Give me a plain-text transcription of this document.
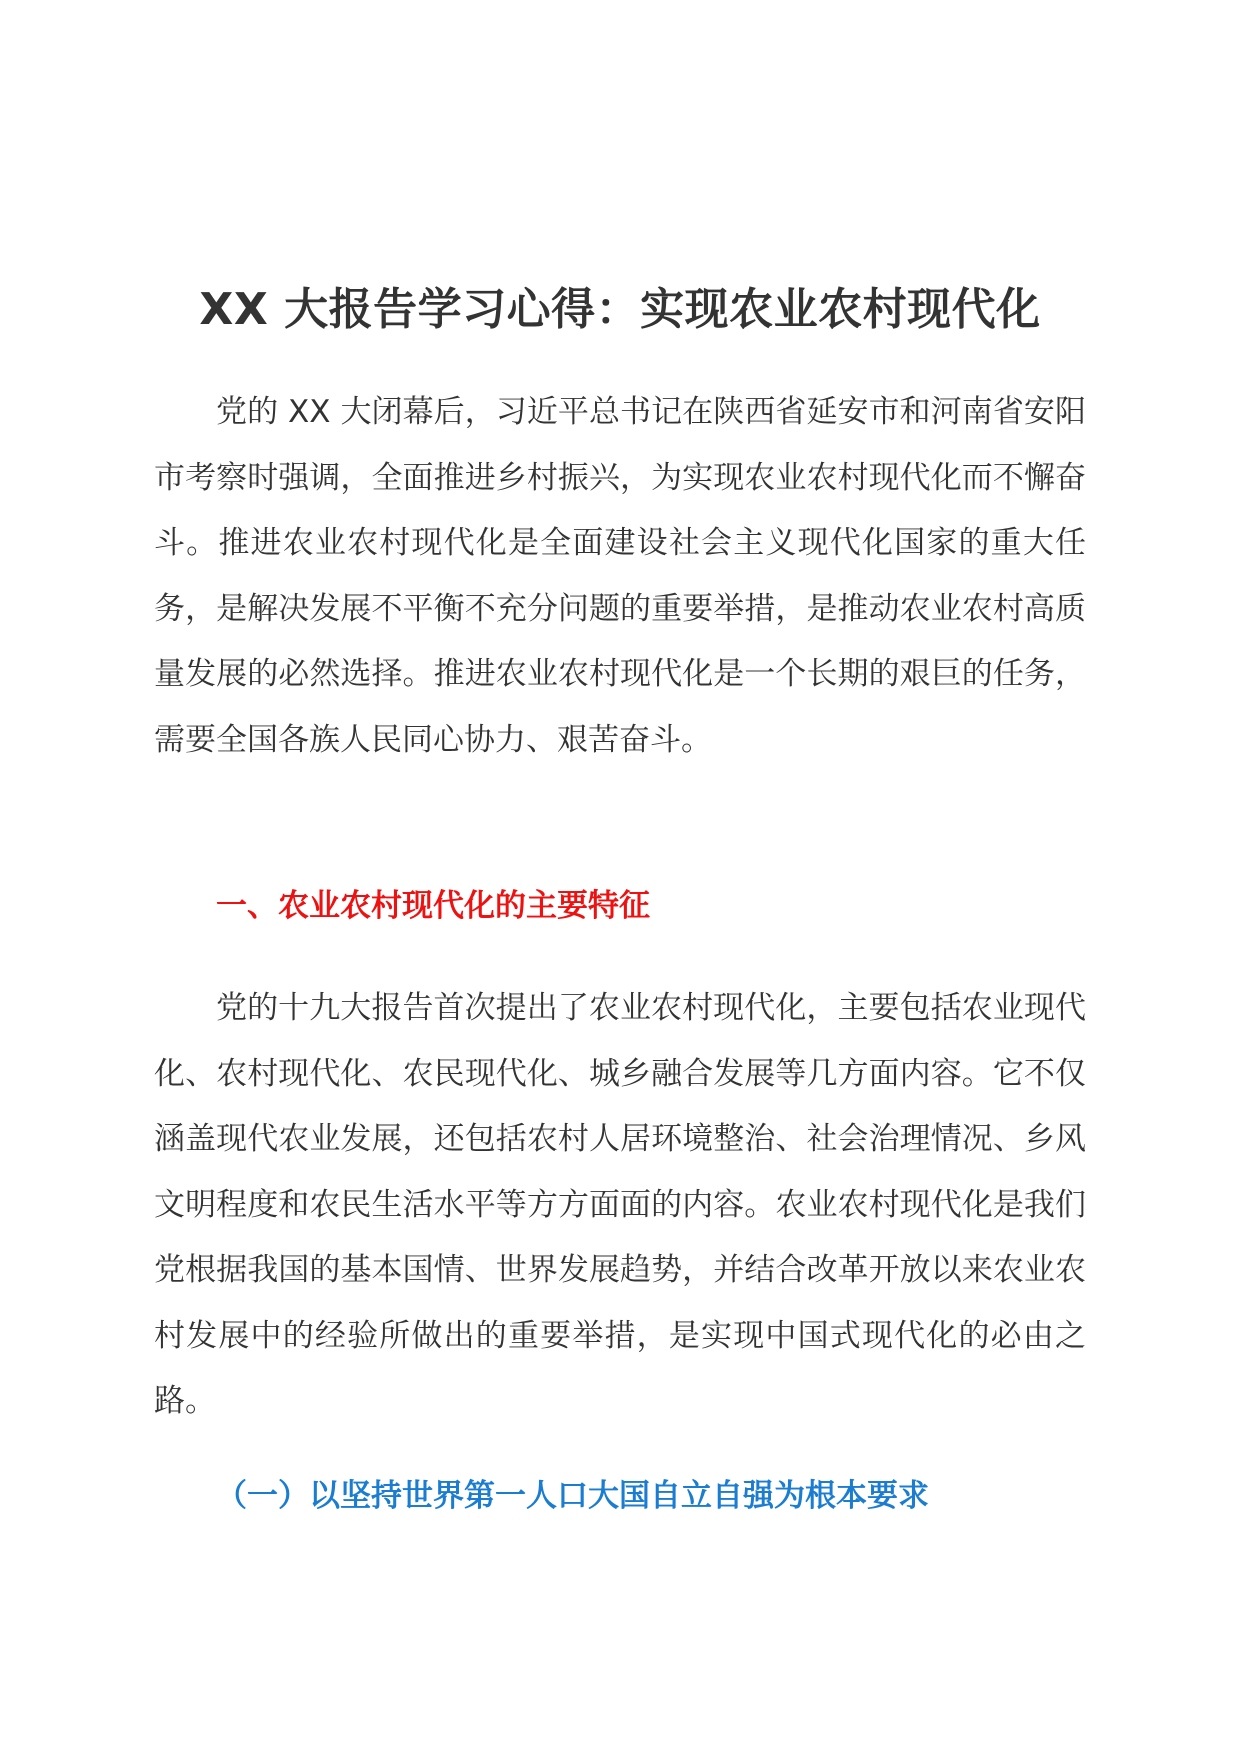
XX 大报告学习心得：实现农业农村现代化

党的 XX 大闭幕后，习近平总书记在陕西省延安市和河南省安阳市考察时强调，全面推进乡村振兴，为实现农业农村现代化而不懈奋斗。推进农业农村现代化是全面建设社会主义现代化国家的重大任务，是解决发展不平衡不充分问题的重要举措，是推动农业农村高质量发展的必然选择。推进农业农村现代化是一个长期的艰巨的任务，需要全国各族人民同心协力、艰苦奋斗。

一、农业农村现代化的主要特征

党的十九大报告首次提出了农业农村现代化，主要包括农业现代化、农村现代化、农民现代化、城乡融合发展等几方面内容。它不仅涵盖现代农业发展，还包括农村人居环境整治、社会治理情况、乡风文明程度和农民生活水平等方方面面的内容。农业农村现代化是我们党根据我国的基本国情、世界发展趋势，并结合改革开放以来农业农村发展中的经验所做出的重要举措，是实现中国式现代化的必由之路。

（一）以坚持世界第一人口大国自立自强为根本要求
